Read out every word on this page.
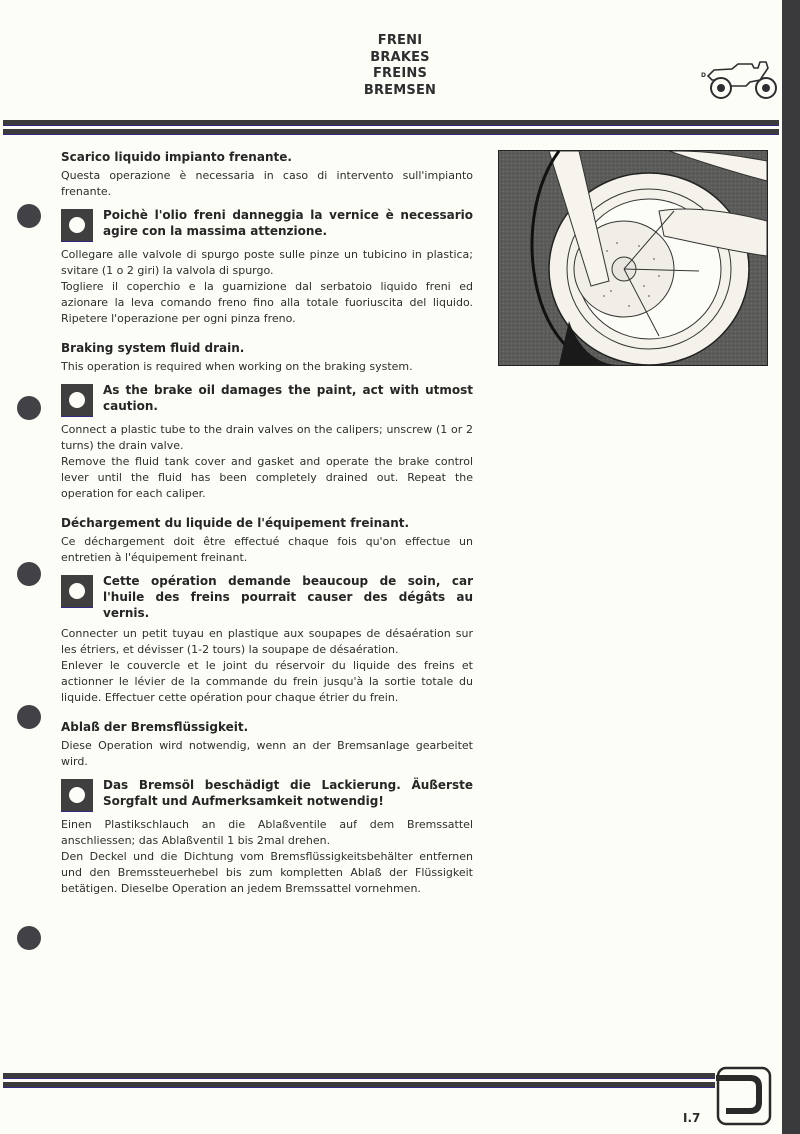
FRENI
BRAKES
FREINS
BREMSEN
D

Scarico liquido impianto frenante.

Questa operazione è necessaria in caso di intervento sull'impianto frenante.

Poichè l'olio freni danneggia la vernice è necessario agire con la massima attenzione.

Collegare alle valvole di spurgo poste sulle pinze un tubicino in plastica; svitare (1 o 2 giri) la valvola di spurgo.

Togliere il coperchio e la guarnizione dal serbatoio liquido freni ed azionare la leva comando freno fino alla totale fuoriuscita del liquido. Ripetere l'operazione per ogni pinza freno.

Braking system fluid drain.

This operation is required when working on the braking system.

As the brake oil damages the paint, act with utmost caution.

Connect a plastic tube to the drain valves on the calipers; unscrew (1 or 2 turns) the drain valve.

Remove the fluid tank cover and gasket and operate the brake control lever until the fluid has been completely drained out. Repeat the operation for each caliper.

Déchargement du liquide de l'équipement freinant.

Ce déchargement doit être effectué chaque fois qu'on effectue un entretien à l'équipement freinant.

Cette opération demande beaucoup de soin, car l'huile des freins pourrait causer des dégâts au vernis.

Connecter un petit tuyau en plastique aux soupapes de désaération sur les étriers, et dévisser (1-2 tours) la soupape de désaération.

Enlever le couvercle et le joint du réservoir du liquide des freins et actionner le lévier de la commande du frein jusqu'à la sortie totale du liquide. Effectuer cette opération pour chaque étrier du frein.

Ablaß der Bremsflüssigkeit.

Diese Operation wird notwendig, wenn an der Bremsanlage gearbeitet wird.

Das Bremsöl beschädigt die Lackierung. Äußerste Sorgfalt und Aufmerksamkeit notwendig!

Einen Plastikschlauch an die Ablaßventile auf dem Bremssattel anschliessen; das Ablaßventil 1 bis 2mal drehen.

Den Deckel und die Dichtung vom Bremsflüssigkeitsbehälter entfernen und den Bremssteuerhebel bis zum kompletten Ablaß der Flüssigkeit betätigen. Dieselbe Operation an jedem Bremssattel vornehmen.

I.7
